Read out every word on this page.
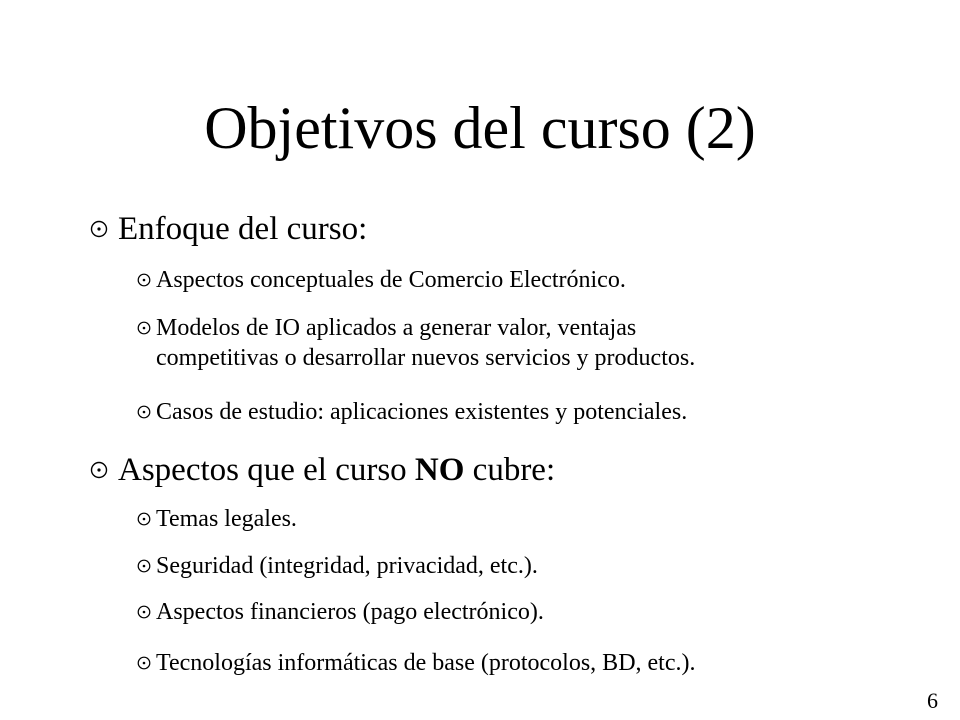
Objetivos del curso (2)
Enfoque del curso:
Aspectos conceptuales de Comercio Electrónico.
Modelos de IO aplicados a generar valor, ventajas
competitivas o desarrollar nuevos servicios y productos.
Casos de estudio: aplicaciones existentes y potenciales.
Aspectos que el curso NO cubre:
Temas legales.
Seguridad (integridad, privacidad, etc.).
Aspectos financieros (pago electrónico).
Tecnologías informáticas de base (protocolos, BD, etc.).
6
